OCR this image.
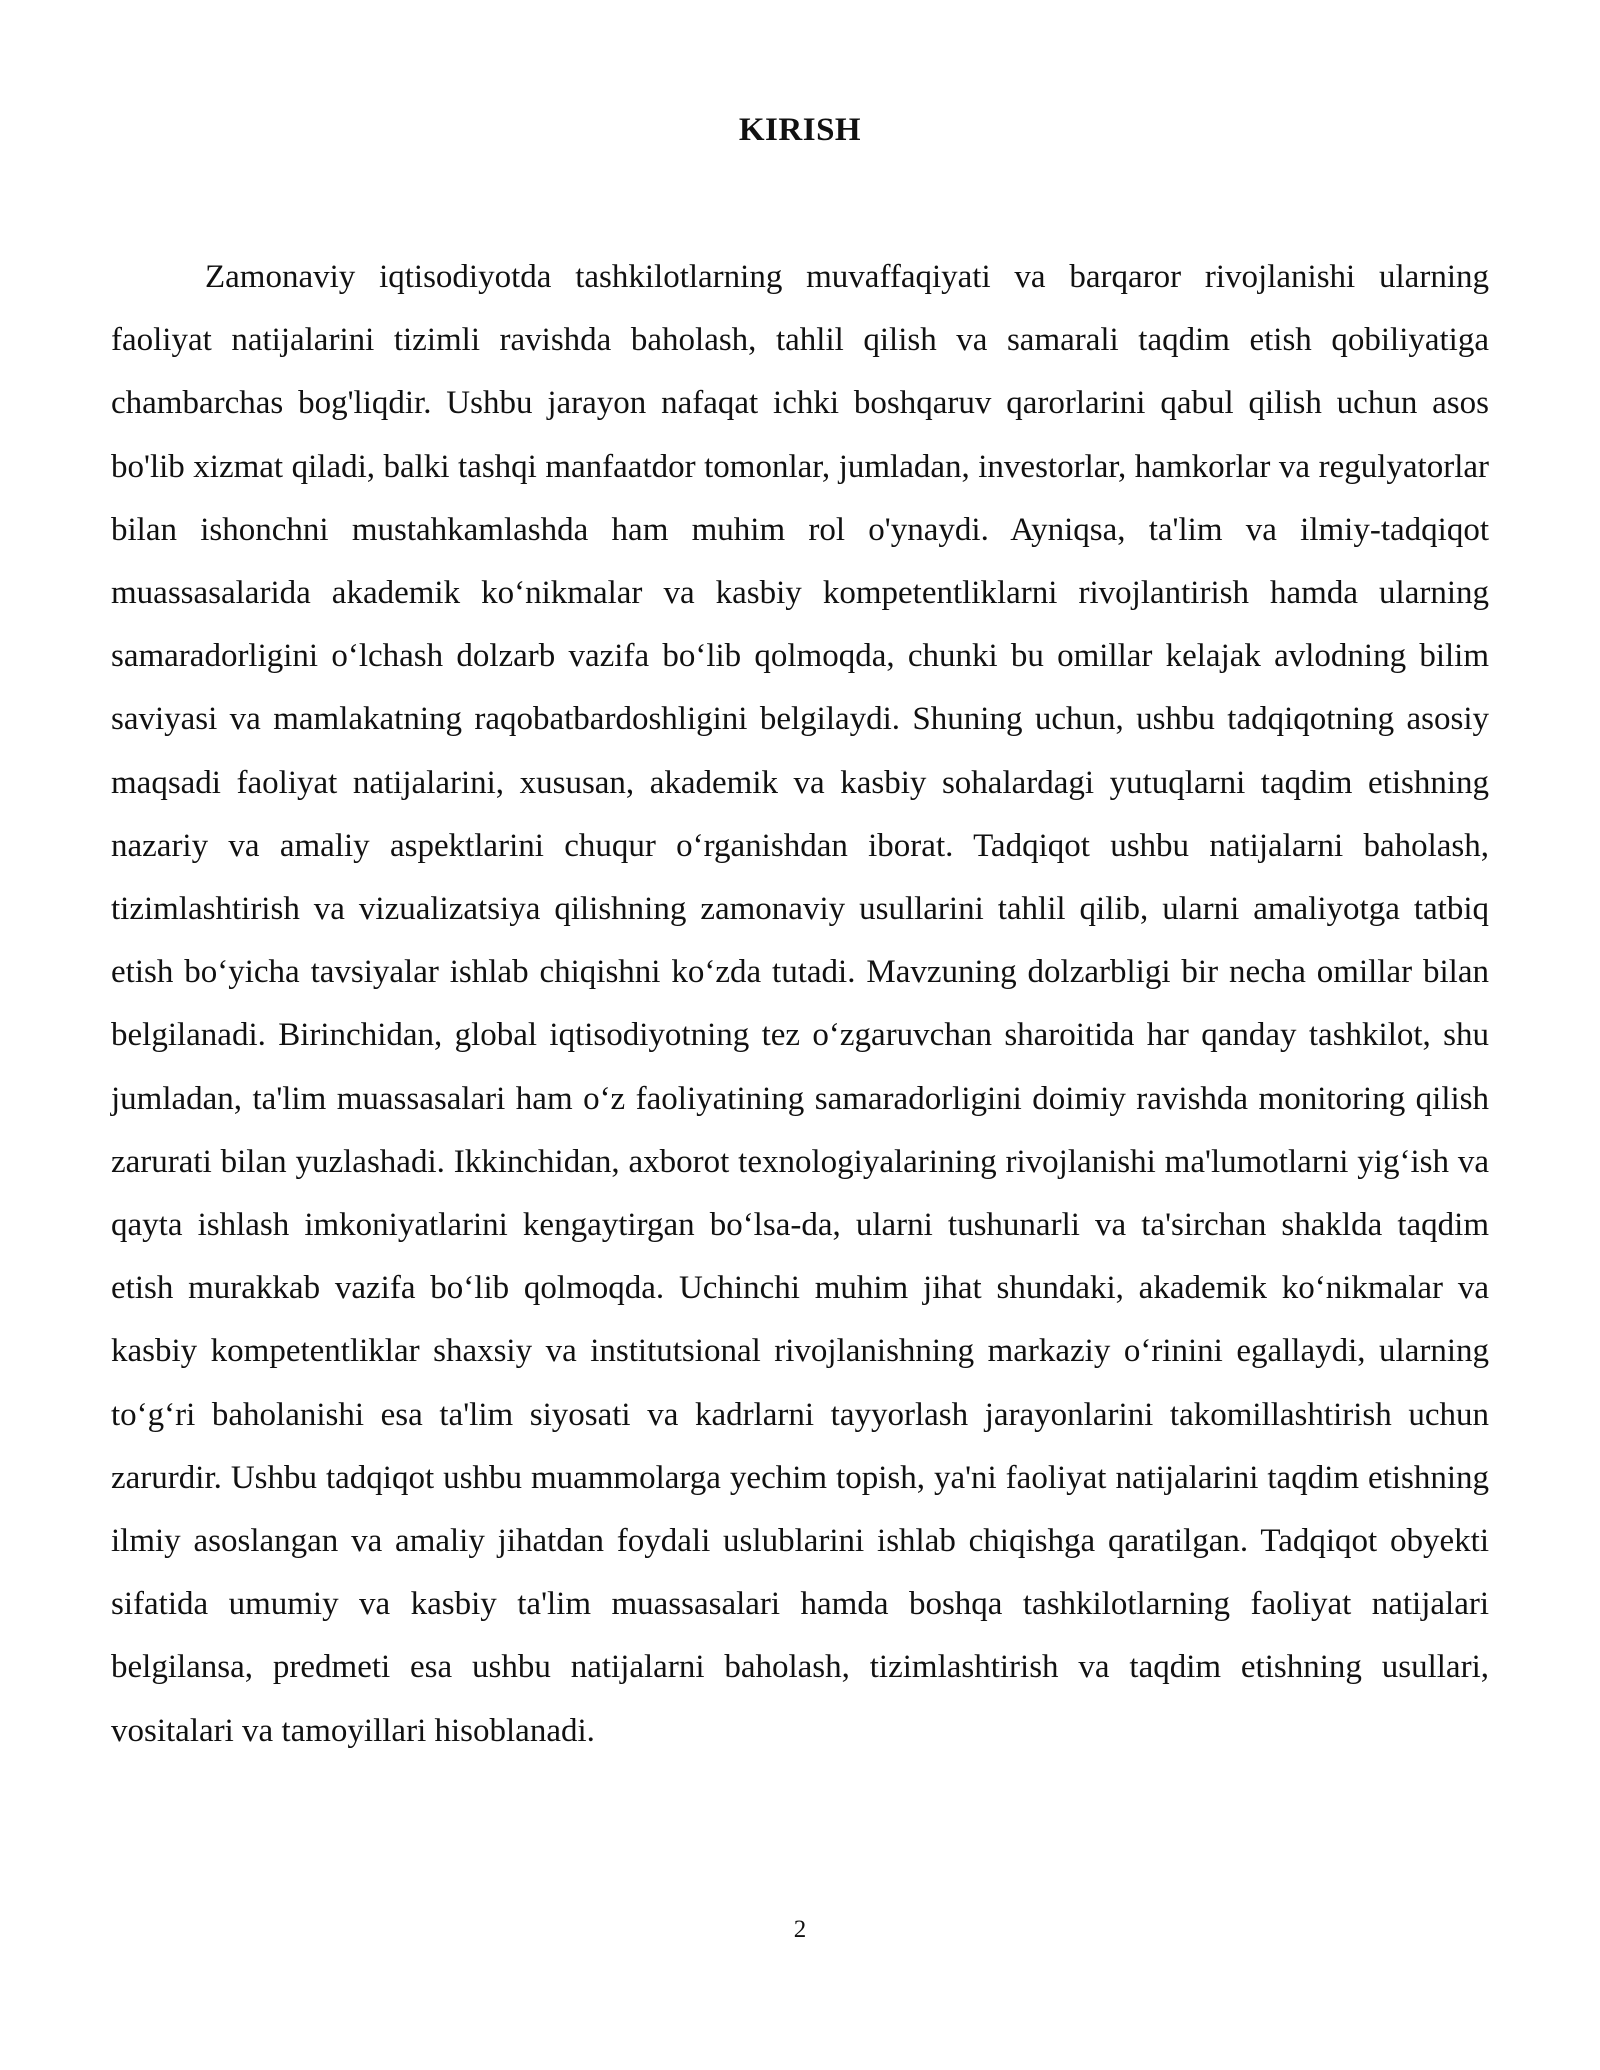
KIRISH

Zamonaviy iqtisodiyotda tashkilotlarning muvaffaqiyati va barqaror rivojlanishi ularning faoliyat natijalarini tizimli ravishda baholash, tahlil qilish va samarali taqdim etish qobiliyatiga chambarchas bog'liqdir. Ushbu jarayon nafaqat ichki boshqaruv qarorlarini qabul qilish uchun asos bo'lib xizmat qiladi, balki tashqi manfaatdor tomonlar, jumladan, investorlar, hamkorlar va regulyatorlar bilan ishonchni mustahkamlashda ham muhim rol o'ynaydi. Ayniqsa, ta'lim va ilmiy-tadqiqot muassasalarida akademik ko‘nikmalar va kasbiy kompetentliklarni rivojlantirish hamda ularning samaradorligini o‘lchash dolzarb vazifa bo‘lib qolmoqda, chunki bu omillar kelajak avlodning bilim saviyasi va mamlakatning raqobatbardoshligini belgilaydi. Shuning uchun, ushbu tadqiqotning asosiy maqsadi faoliyat natijalarini, xususan, akademik va kasbiy sohalardagi yutuqlarni taqdim etishning nazariy va amaliy aspektlarini chuqur o‘rganishdan iborat. Tadqiqot ushbu natijalarni baholash, tizimlashtirish va vizualizatsiya qilishning zamonaviy usullarini tahlil qilib, ularni amaliyotga tatbiq etish bo‘yicha tavsiyalar ishlab chiqishni ko‘zda tutadi. Mavzuning dolzarbligi bir necha omillar bilan belgilanadi. Birinchidan, global iqtisodiyotning tez o‘zgaruvchan sharoitida har qanday tashkilot, shu jumladan, ta'lim muassasalari ham o‘z faoliyatining samaradorligini doimiy ravishda monitoring qilish zarurati bilan yuzlashadi. Ikkinchidan, axborot texnologiyalarining rivojlanishi ma'lumotlarni yig‘ish va qayta ishlash imkoniyatlarini kengaytirgan bo‘lsa-da, ularni tushunarli va ta'sirchan shaklda taqdim etish murakkab vazifa bo‘lib qolmoqda. Uchinchi muhim jihat shundaki, akademik ko‘nikmalar va kasbiy kompetentliklar shaxsiy va institutsional rivojlanishning markaziy o‘rinini egallaydi, ularning to‘g‘ri baholanishi esa ta'lim siyosati va kadrlarni tayyorlash jarayonlarini takomillashtirish uchun zarurdir. Ushbu tadqiqot ushbu muammolarga yechim topish, ya'ni faoliyat natijalarini taqdim etishning ilmiy asoslangan va amaliy jihatdan foydali uslublarini ishlab chiqishga qaratilgan. Tadqiqot obyekti sifatida umumiy va kasbiy ta'lim muassasalari hamda boshqa tashkilotlarning faoliyat natijalari belgilansa, predmeti esa ushbu natijalarni baholash, tizimlashtirish va taqdim etishning usullari, vositalari va tamoyillari hisoblanadi.

2
